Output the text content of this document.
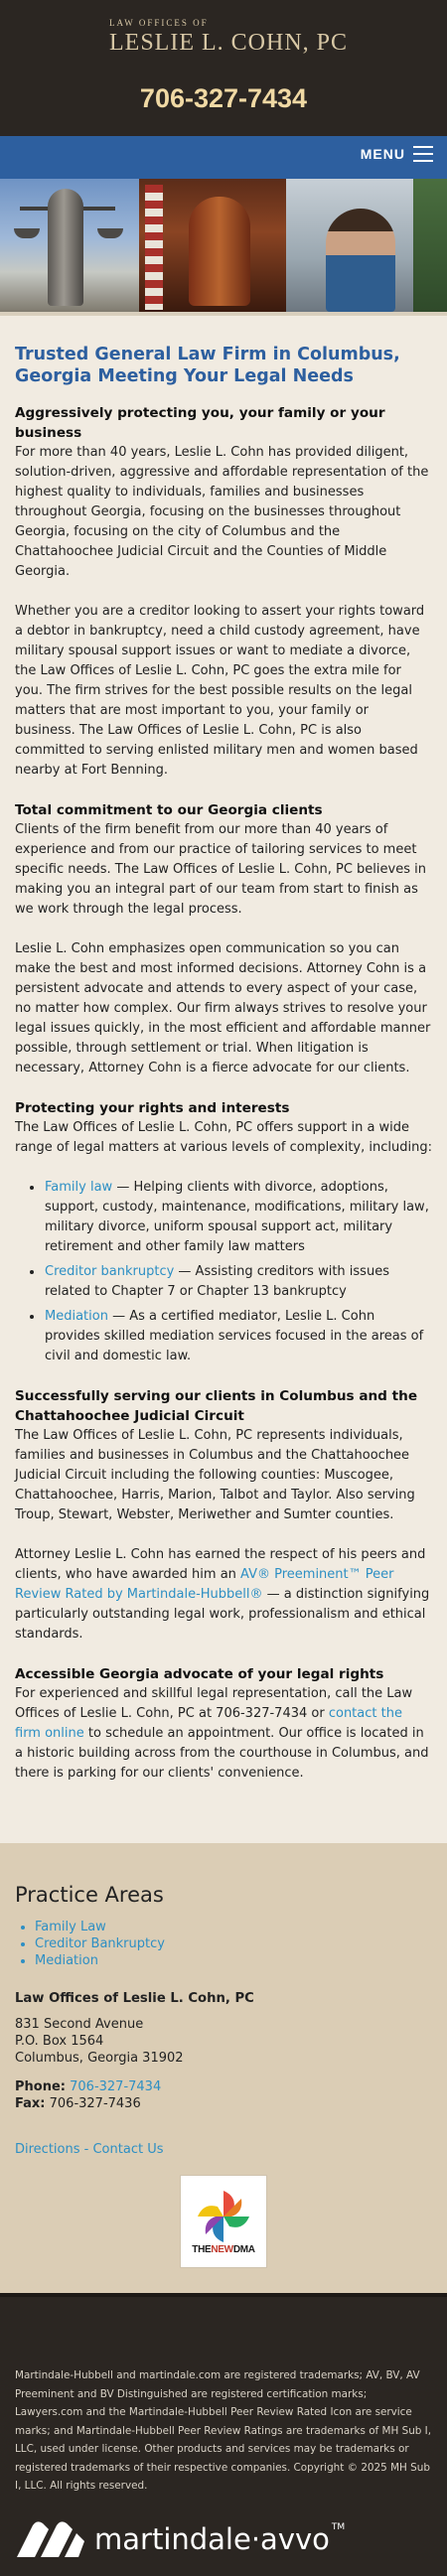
LAW OFFICES OF
LESLIE L. COHN, PC
706-327-7434
MENU
Trusted General Law Firm in Columbus, Georgia Meeting Your Legal Needs
Aggressively protecting you, your family or your business

For more than 40 years, Leslie L. Cohn has provided diligent, solution-driven, aggressive and affordable representation of the highest quality to individuals, families and businesses throughout Georgia, focusing on the businesses throughout Georgia, focusing on the city of Columbus and the Chattahoochee Judicial Circuit and the Counties of Middle Georgia.

Whether you are a creditor looking to assert your rights toward a debtor in bankruptcy, need a child custody agreement, have military spousal support issues or want to mediate a divorce, the Law Offices of Leslie L. Cohn, PC goes the extra mile for you. The firm strives for the best possible results on the legal matters that are most important to you, your family or business. The Law Offices of Leslie L. Cohn, PC is also committed to serving enlisted military men and women based nearby at Fort Benning.

Total commitment to our Georgia clients

Clients of the firm benefit from our more than 40 years of experience and from our practice of tailoring services to meet specific needs. The Law Offices of Leslie L. Cohn, PC believes in making you an integral part of our team from start to finish as we work through the legal process.

Leslie L. Cohn emphasizes open communication so you can make the best and most informed decisions. Attorney Cohn is a persistent advocate and attends to every aspect of your case, no matter how complex. Our firm always strives to resolve your legal issues quickly, in the most efficient and affordable manner possible, through settlement or trial. When litigation is necessary, Attorney Cohn is a fierce advocate for our clients.

Protecting your rights and interests

The Law Offices of Leslie L. Cohn, PC offers support in a wide range of legal matters at various levels of complexity, including:

• Family law — Helping clients with divorce, adoptions, support, custody, maintenance, modifications, military law, military divorce, uniform spousal support act, military retirement and other family law matters
• Creditor bankruptcy — Assisting creditors with issues related to Chapter 7 or Chapter 13 bankruptcy
• Mediation — As a certified mediator, Leslie L. Cohn provides skilled mediation services focused in the areas of civil and domestic law.
Successfully serving our clients in Columbus and the Chattahoochee Judicial Circuit

The Law Offices of Leslie L. Cohn, PC represents individuals, families and businesses in Columbus and the Chattahoochee Judicial Circuit including the following counties: Muscogee, Chattahoochee, Harris, Marion, Talbot and Taylor. Also serving Troup, Stewart, Webster, Meriwether and Sumter counties.

Attorney Leslie L. Cohn has earned the respect of his peers and clients, who have awarded him an AV® Preeminent™ Peer Review Rated by Martindale-Hubbell® — a distinction signifying particularly outstanding legal work, professionalism and ethical standards.

Accessible Georgia advocate of your legal rights

For experienced and skillful legal representation, call the Law Offices of Leslie L. Cohn, PC at 706-327-7434 or contact the firm online to schedule an appointment. Our office is located in a historic building across from the courthouse in Columbus, and there is parking for our clients' convenience.

Practice Areas
• Family Law
• Creditor Bankruptcy
• Mediation
Law Offices of Leslie L. Cohn, PC
831 Second Avenue
P.O. Box 1564
Columbus, Georgia 31902
Phone: 706-327-7434
Fax: 706-327-7436
Directions - Contact Us
THENEWDMA

Martindale-Hubbell and martindale.com are registered trademarks; AV, BV, AV Preeminent and BV Distinguished are registered certification marks; Lawyers.com and the Martindale-Hubbell Peer Review Rated Icon are service marks; and Martindale-Hubbell Peer Review Ratings are trademarks of MH Sub I, LLC, used under license. Other products and services may be trademarks or registered trademarks of their respective companies. Copyright © 2025 MH Sub I, LLC. All rights reserved.

martindale·avvo ™
